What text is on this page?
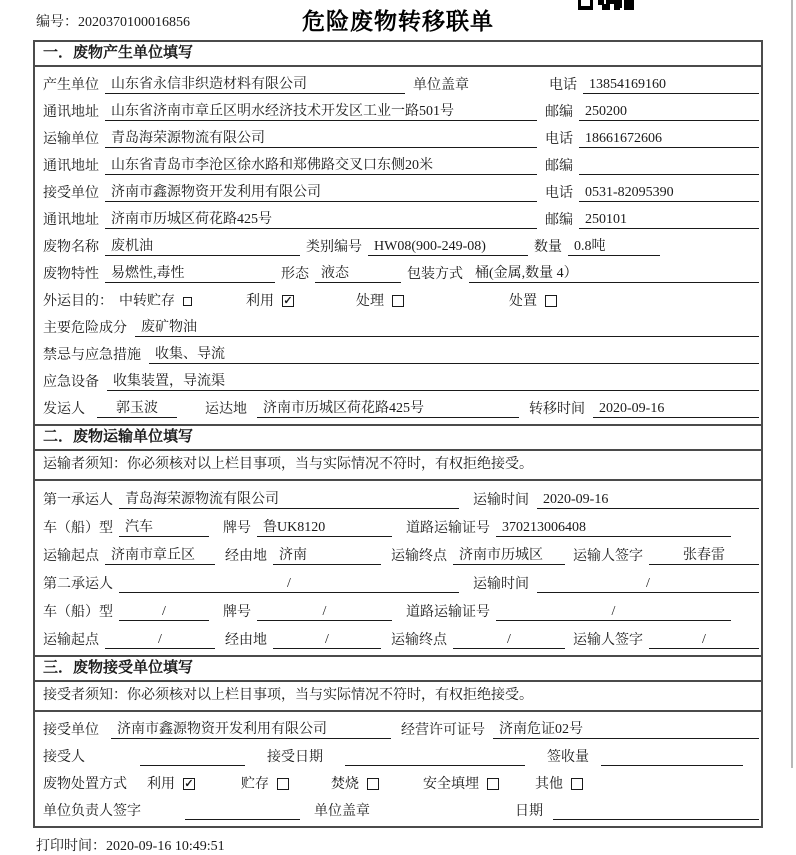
编号：2020370100016856	危险废物转移联单
一．废物产生单位填写
产生单位 山东省永信非织造材料有限公司	单位盖章	电话 13854169160
通讯地址 山东省济南市章丘区明水经济技术开发区工业一路501号	邮编 250200
运输单位 青岛海荣源物流有限公司	电话 18661672606
通讯地址 山东省青岛市李沧区徐水路和郑佛路交叉口东侧20米	邮编
接受单位 济南市鑫源物资开发利用有限公司	电话 0531-82095390
通讯地址 济南市历城区荷花路425号	邮编 250101
废物名称 废机油	类别编号 HW08(900-249-08)	数量 0.8吨
废物特性 易燃性,毒性	形态 液态	包装方式 桶(金属,数量 4）
外运目的： 中转贮存	利用 ✓	处理	处置
主要危险成分	废矿物油
禁忌与应急措施	收集、导流
应急设备	收集装置，导流渠
发运人	郭玉波	运达地	济南市历城区荷花路425号	转移时间	2020-09-16
二．废物运输单位填写
运输者须知：你必须核对以上栏目事项，当与实际情况不符时，有权拒绝接受。
第一承运人 青岛海荣源物流有限公司	运输时间	2020-09-16
车（船）型 汽车	牌号 鲁UK8120	道路运输证号 370213006408
运输起点 济南市章丘区	经由地 济南	运输终点 济南市历城区	运输人签字	张春雷
第二承运人	/	运输时间	/
车（船）型	/	牌号	/	道路运输证号	/
运输起点	/	经由地	/	运输终点	/	运输人签字	/
三．废物接受单位填写
接受者须知：你必须核对以上栏目事项，当与实际情况不符时，有权拒绝接受。
接受单位	济南市鑫源物资开发利用有限公司	经营许可证号	济南危证02号
接受人	接受日期	签收量
废物处置方式 利用 ✓	贮存	焚烧	安全填埋	其他
单位负责人签字	单位盖章	日期
打印时间：2020-09-16 10:49:51
